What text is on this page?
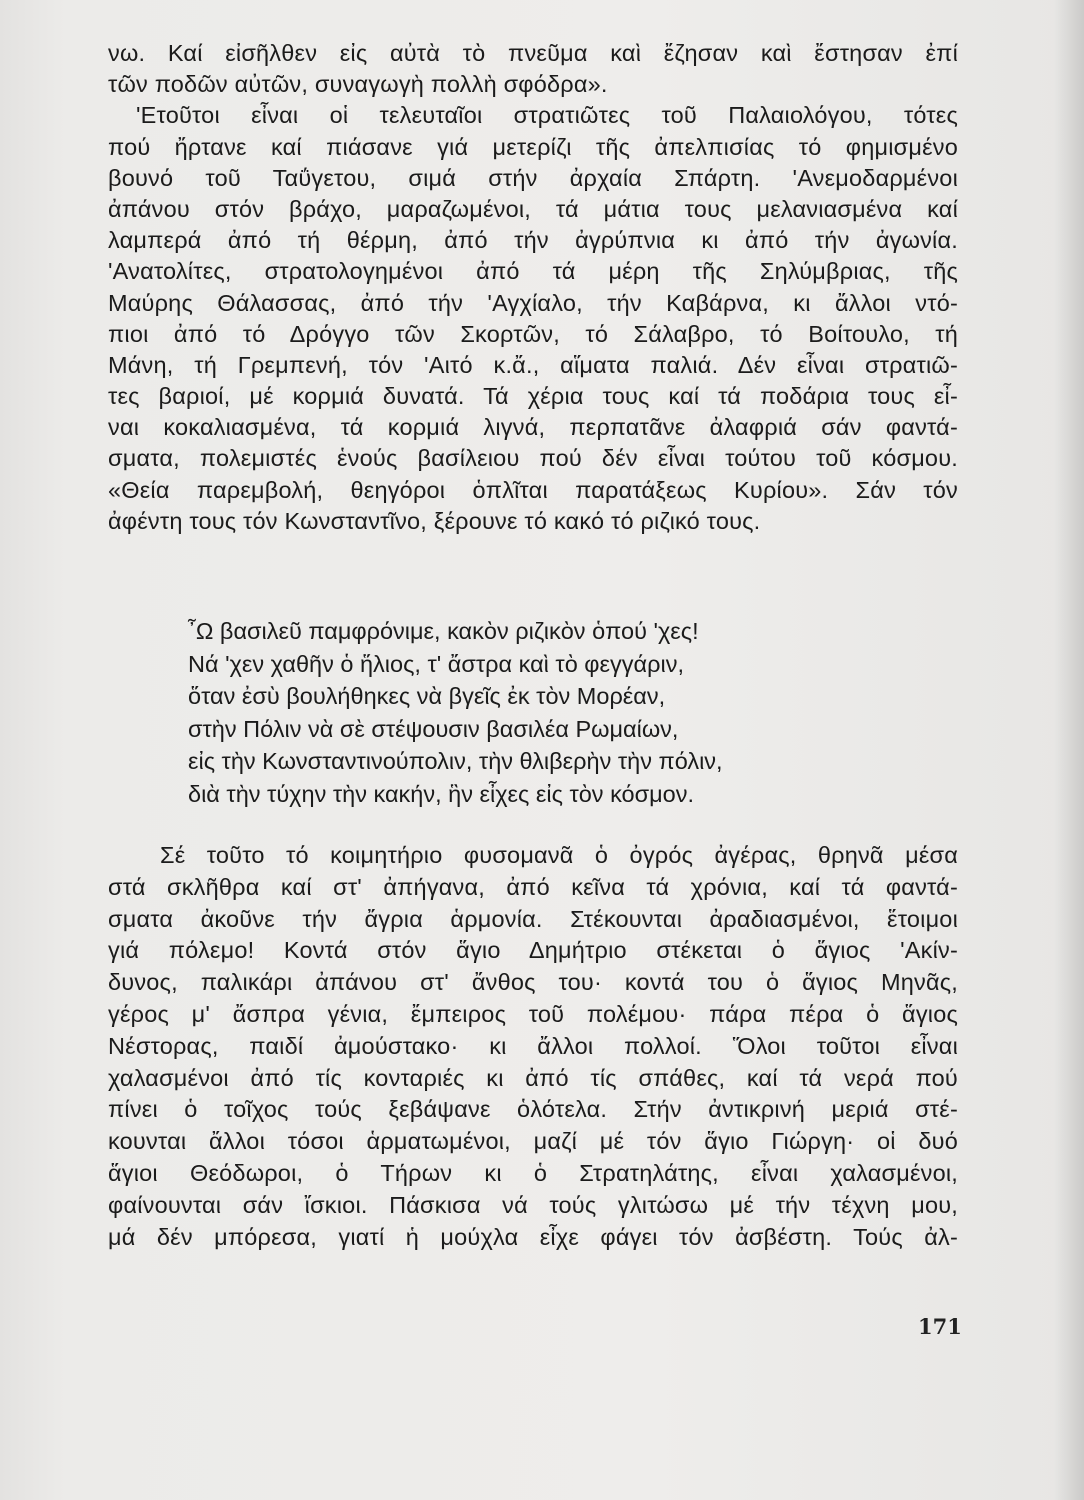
νω. Καί εἰσῆλθεν εἰς αὐτὰ τὸ πνεῦμα καὶ ἔζησαν καὶ ἔστησαν ἐπί
τῶν ποδῶν αὐτῶν, συναγωγὴ πολλὴ σφόδρα».
'Ετοῦτοι εἶναι οἱ τελευταῖοι στρατιῶτες τοῦ Παλαιολόγου, τότες
πού ἤρτανε καί πιάσανε γιά μετερίζι τῆς ἀπελπισίας τό φημισμένο
βουνό τοῦ Ταΰγετου, σιμά στήν ἀρχαία Σπάρτη. 'Ανεμοδαρμένοι
ἀπάνου στόν βράχο, μαραζωμένοι, τά μάτια τους μελανιασμένα καί
λαμπερά ἀπό τή θέρμη, ἀπό τήν ἀγρύπνια κι ἀπό τήν ἀγωνία.
'Ανατολίτες, στρατολογημένοι ἀπό τά μέρη τῆς Σηλύμβριας, τῆς
Μαύρης Θάλασσας, ἀπό τήν 'Αγχίαλο, τήν Καβάρνα, κι ἄλλοι ντό-
πιοι ἀπό τό Δρόγγο τῶν Σκορτῶν, τό Σάλαβρο, τό Βοίτουλο, τή
Μάνη, τή Γρεμπενή, τόν 'Αιτό κ.ἄ., αἵματα παλιά. Δέν εἶναι στρατιῶ-
τες βαριοί, μέ κορμιά δυνατά. Τά χέρια τους καί τά ποδάρια τους εἶ-
ναι κοκαλιασμένα, τά κορμιά λιγνά, περπατᾶνε ἀλαφριά σάν φαντά-
σματα, πολεμιστές ἑνούς βασίλειου πού δέν εἶναι τούτου τοῦ κόσμου.
«Θεία παρεμβολή, θεηγόροι ὁπλῖται παρατάξεως Κυρίου». Σάν τόν
ἀφέντη τους τόν Κωνσταντῖνο, ξέρουνε τό κακό τό ριζικό τους.
῏Ω βασιλεῦ παμφρόνιμε, κακὸν ριζικὸν ὁπού 'χες!
Νά 'χεν χαθῆν ὁ ἥλιος, τ' ἄστρα καὶ τὸ φεγγάριν,
ὅταν ἐσὺ βουλήθηκες νὰ βγεῖς ἐκ τὸν Μορέαν,
στὴν Πόλιν νὰ σὲ στέψουσιν βασιλέα Ρωμαίων,
εἰς τὴν Κωνσταντινούπολιν, τὴν θλιβερὴν τὴν πόλιν,
διὰ τὴν τύχην τὴν κακήν, ἣν εἶχες εἰς τὸν κόσμον.
Σέ τοῦτο τό κοιμητήριο φυσομανᾶ ὁ ὀγρός ἀγέρας, θρηνᾶ μέσα
στά σκλῆθρα καί στ' ἀπήγανα, ἀπό κεῖνα τά χρόνια, καί τά φαντά-
σματα ἀκοῦνε τήν ἄγρια ἁρμονία. Στέκουνται ἀραδιασμένοι, ἕτοιμοι
γιά πόλεμο! Κοντά στόν ἅγιο Δημήτριο στέκεται ὁ ἅγιος 'Ακίν-
δυνος, παλικάρι ἀπάνου στ' ἄνθος του· κοντά του ὁ ἅγιος Μηνᾶς,
γέρος μ' ἄσπρα γένια, ἔμπειρος τοῦ πολέμου· πάρα πέρα ὁ ἅγιος
Νέστορας, παιδί ἀμούστακο· κι ἄλλοι πολλοί. Ὅλοι τοῦτοι εἶναι
χαλασμένοι ἀπό τίς κονταριές κι ἀπό τίς σπάθες, καί τά νερά πού
πίνει ὁ τοῖχος τούς ξεβάψανε ὁλότελα. Στήν ἀντικρινή μεριά στέ-
κουνται ἄλλοι τόσοι ἁρματωμένοι, μαζί μέ τόν ἅγιο Γιώργη· οἱ δυό
ἅγιοι Θεόδωροι, ὁ Τήρων κι ὁ Στρατηλάτης, εἶναι χαλασμένοι,
φαίνουνται σάν ἴσκιοι. Πάσκισα νά τούς γλιτώσω μέ τήν τέχνη μου,
μά δέν μπόρεσα, γιατί ἡ μούχλα εἶχε φάγει τόν ἀσβέστη. Τούς ἀλ-
171
